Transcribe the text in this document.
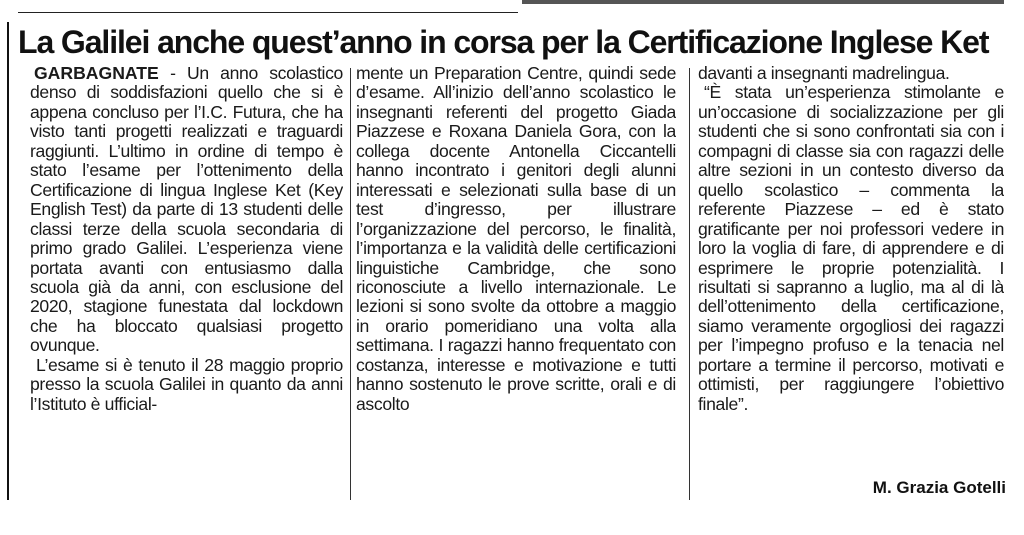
La Galilei anche quest’anno in corsa per la Certificazione Inglese Ket

GARBAGNATE - Un anno scolastico denso di soddisfazioni quello che si è appena concluso per l’I.C. Futura, che ha visto tanti progetti realizzati e traguardi raggiunti. L’ultimo in ordine di tempo è stato l’esame per l’ottenimento della Certificazione di lingua Inglese Ket (Key English Test) da parte di 13 studenti delle classi terze della scuola secondaria di primo grado Galilei. L’esperienza viene portata avanti con entusiasmo dalla scuola già da anni, con esclusione del 2020, stagione funestata dal lockdown che ha bloccato qualsiasi progetto ovunque.

L’esame si è tenuto il 28 maggio proprio presso la scuola Galilei in quanto da anni l’Istituto è ufficial-

mente un Preparation Centre, quindi sede d’esame. All’inizio dell’anno scolastico le insegnanti referenti del progetto Giada Piazzese e Roxana Daniela Gora, con la collega docente Antonella Ciccantelli hanno incontrato i genitori degli alunni interessati e selezionati sulla base di un test d’ingresso, per illustrare l’organizzazione del percorso, le finalità, l’importanza e la validità delle certificazioni linguistiche Cambridge, che sono riconosciute a livello internazionale. Le lezioni si sono svolte da ottobre a maggio in orario pomeridiano una volta alla settimana. I ragazzi hanno frequentato con costanza, interesse e motivazione e tutti hanno sostenuto le prove scritte, orali e di ascolto

davanti a insegnanti madrelingua.

“È stata un’esperienza stimolante e un’occasione di socializzazione per gli studenti che si sono confrontati sia con i compagni di classe sia con ragazzi delle altre sezioni in un contesto diverso da quello scolastico – commenta la referente Piazzese – ed è stato gratificante per noi professori vedere in loro la voglia di fare, di apprendere e di esprimere le proprie potenzialità. I risultati si sapranno a luglio, ma al di là dell’ottenimento della certificazione, siamo veramente orgogliosi dei ragazzi per l’impegno profuso e la tenacia nel portare a termine il percorso, motivati e ottimisti, per raggiungere l’obiettivo finale”.

M. Grazia Gotelli
